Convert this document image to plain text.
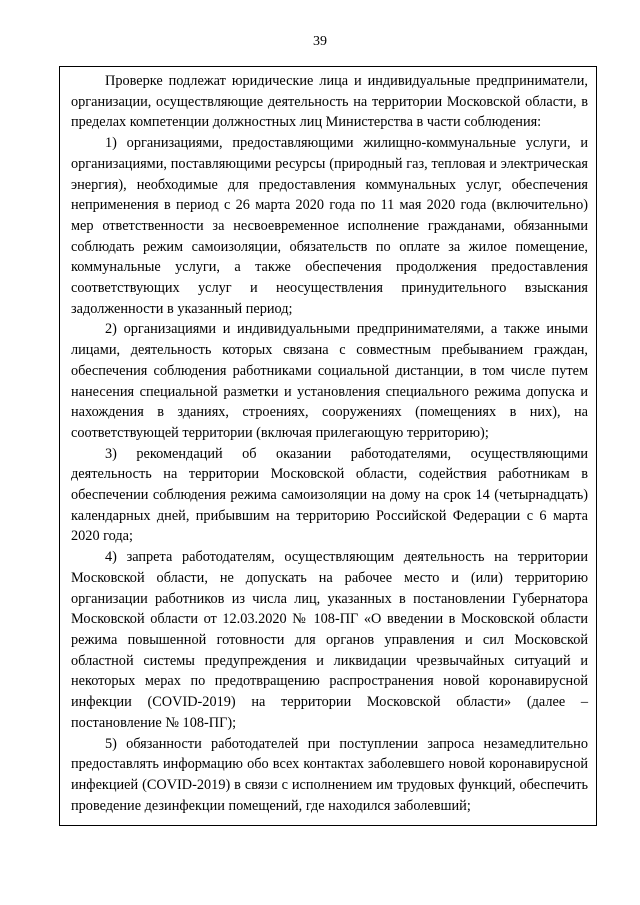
39

Проверке подлежат юридические лица и индивидуальные предприниматели, организации, осуществляющие деятельность на территории Московской области, в пределах компетенции должностных лиц Министерства в части соблюдения:

1) организациями, предоставляющими жилищно-коммунальные услуги, и организациями, поставляющими ресурсы (природный газ, тепловая и электрическая энергия), необходимые для предоставления коммунальных услуг, обеспечения неприменения в период с 26 марта 2020 года по 11 мая 2020 года (включительно) мер ответственности за несвоевременное исполнение гражданами, обязанными соблюдать режим самоизоляции, обязательств по оплате за жилое помещение, коммунальные услуги, а также обеспечения продолжения предоставления соответствующих услуг и неосуществления принудительного взыскания задолженности в указанный период;

2) организациями и индивидуальными предпринимателями, а также иными лицами, деятельность которых связана с совместным пребыванием граждан, обеспечения соблюдения работниками социальной дистанции, в том числе путем нанесения специальной разметки и установления специального режима допуска и нахождения в зданиях, строениях, сооружениях (помещениях в них), на соответствующей территории (включая прилегающую территорию);

3) рекомендаций об оказании работодателями, осуществляющими деятельность на территории Московской области, содействия работникам в обеспечении соблюдения режима самоизоляции на дому на срок 14 (четырнадцать) календарных дней, прибывшим на территорию Российской Федерации с 6 марта 2020 года;

4) запрета работодателям, осуществляющим деятельность на территории Московской области, не допускать на рабочее место и (или) территорию организации работников из числа лиц, указанных в постановлении Губернатора Московской области от 12.03.2020 № 108-ПГ «О введении в Московской области режима повышенной готовности для органов управления и сил Московской областной системы предупреждения и ликвидации чрезвычайных ситуаций и некоторых мерах по предотвращению распространения новой коронавирусной инфекции (COVID-2019) на территории Московской области» (далее – постановление № 108-ПГ);

5) обязанности работодателей при поступлении запроса незамедлительно предоставлять информацию обо всех контактах заболевшего новой коронавирусной инфекцией (COVID-2019) в связи с исполнением им трудовых функций, обеспечить проведение дезинфекции помещений, где находился заболевший;
